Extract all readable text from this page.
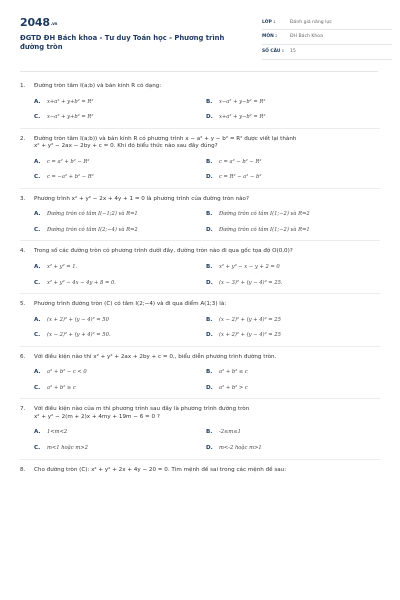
$2048_{.vn}$
ĐGTD ĐH Bách khoa - Tư duy Toán học - Phương trình đường tròn
LỚP :	Đánh giá năng lực
MÔN :	ĐH Bách Khoa
SỐ CÂU :	15
1.	Đường tròn tâm I(a;b) và bán kính R có dạng:
A.	x+a² + y+b² = R²	B.	x−a² + y−b² = R²
C.	x−a² + y+b² = R²	D.	x+a² + y−b² = R²
2.	Đường tròn tâm I(a;b)) và bán kính R có phương trình x − a² + y − b² = R² được viết lại thành
x² + y² − 2ax − 2by + c = 0. Khi đó biểu thức nào sau đây đúng?
A.	c = a² + b² − R²	B.	c = a² − b² − R²
C.	c = −a² + b² − R²	D.	c = R² − a² − b²
3.	Phương trình x² + y² − 2x + 4y + 1 = 0 là phương trình của đường tròn nào?
A.	Đường tròn có tâm I(−1;2) và R=1	B.	Đường tròn có tâm I(1;−2) và R=2
C.	Đường tròn có tâm I(2;−4) và R=2	D.	Đường tròn có tâm I(1;−2) và R=1
4.	Trong số các đường tròn có phương trình dưới đây, đường tròn nào đi qua gốc tọa độ O(0,0)?
A.	x² + y² = 1.	B.	x² + y² − x − y + 2 = 0
C.	x² + y² − 4x − 4y + 8 = 0.	D.	(x − 3)² + (y − 4)² = 25.
5.	Phương trình đường tròn (C) có tâm I(2;−4) và đi qua điểm A(1;3) là:
A.	(x + 2)² + (y − 4)² = 50	B.	(x − 2)² + (y + 4)² = 25
C.	(x − 2)² + (y + 4)² = 50.	D.	(x + 2)² + (y − 4)² = 25
6.	Với điều kiện nào thì x² + y² + 2ax + 2by + c = 0,, biểu diễn phương trình đường tròn.
A.	a² + b² − c < 0	B.	a² + b² ≤ c
C.	a² + b² ≥ c	D.	a² + b² > c
7.	Với điều kiện nào của m thì phương trình sau đây là phương trình đường tròn
x² + y² − 2(m + 2)x + 4my + 19m − 6 = 0 ?
A.	1<m<2	B.	-2≤m≤1
C.	m<1 hoặc m>2	D.	m<-2 hoặc m>1
8.	Cho đường tròn (C): x² + y² + 2x + 4y − 20 = 0. Tìm mệnh đề sai trong các mệnh đề sau:
